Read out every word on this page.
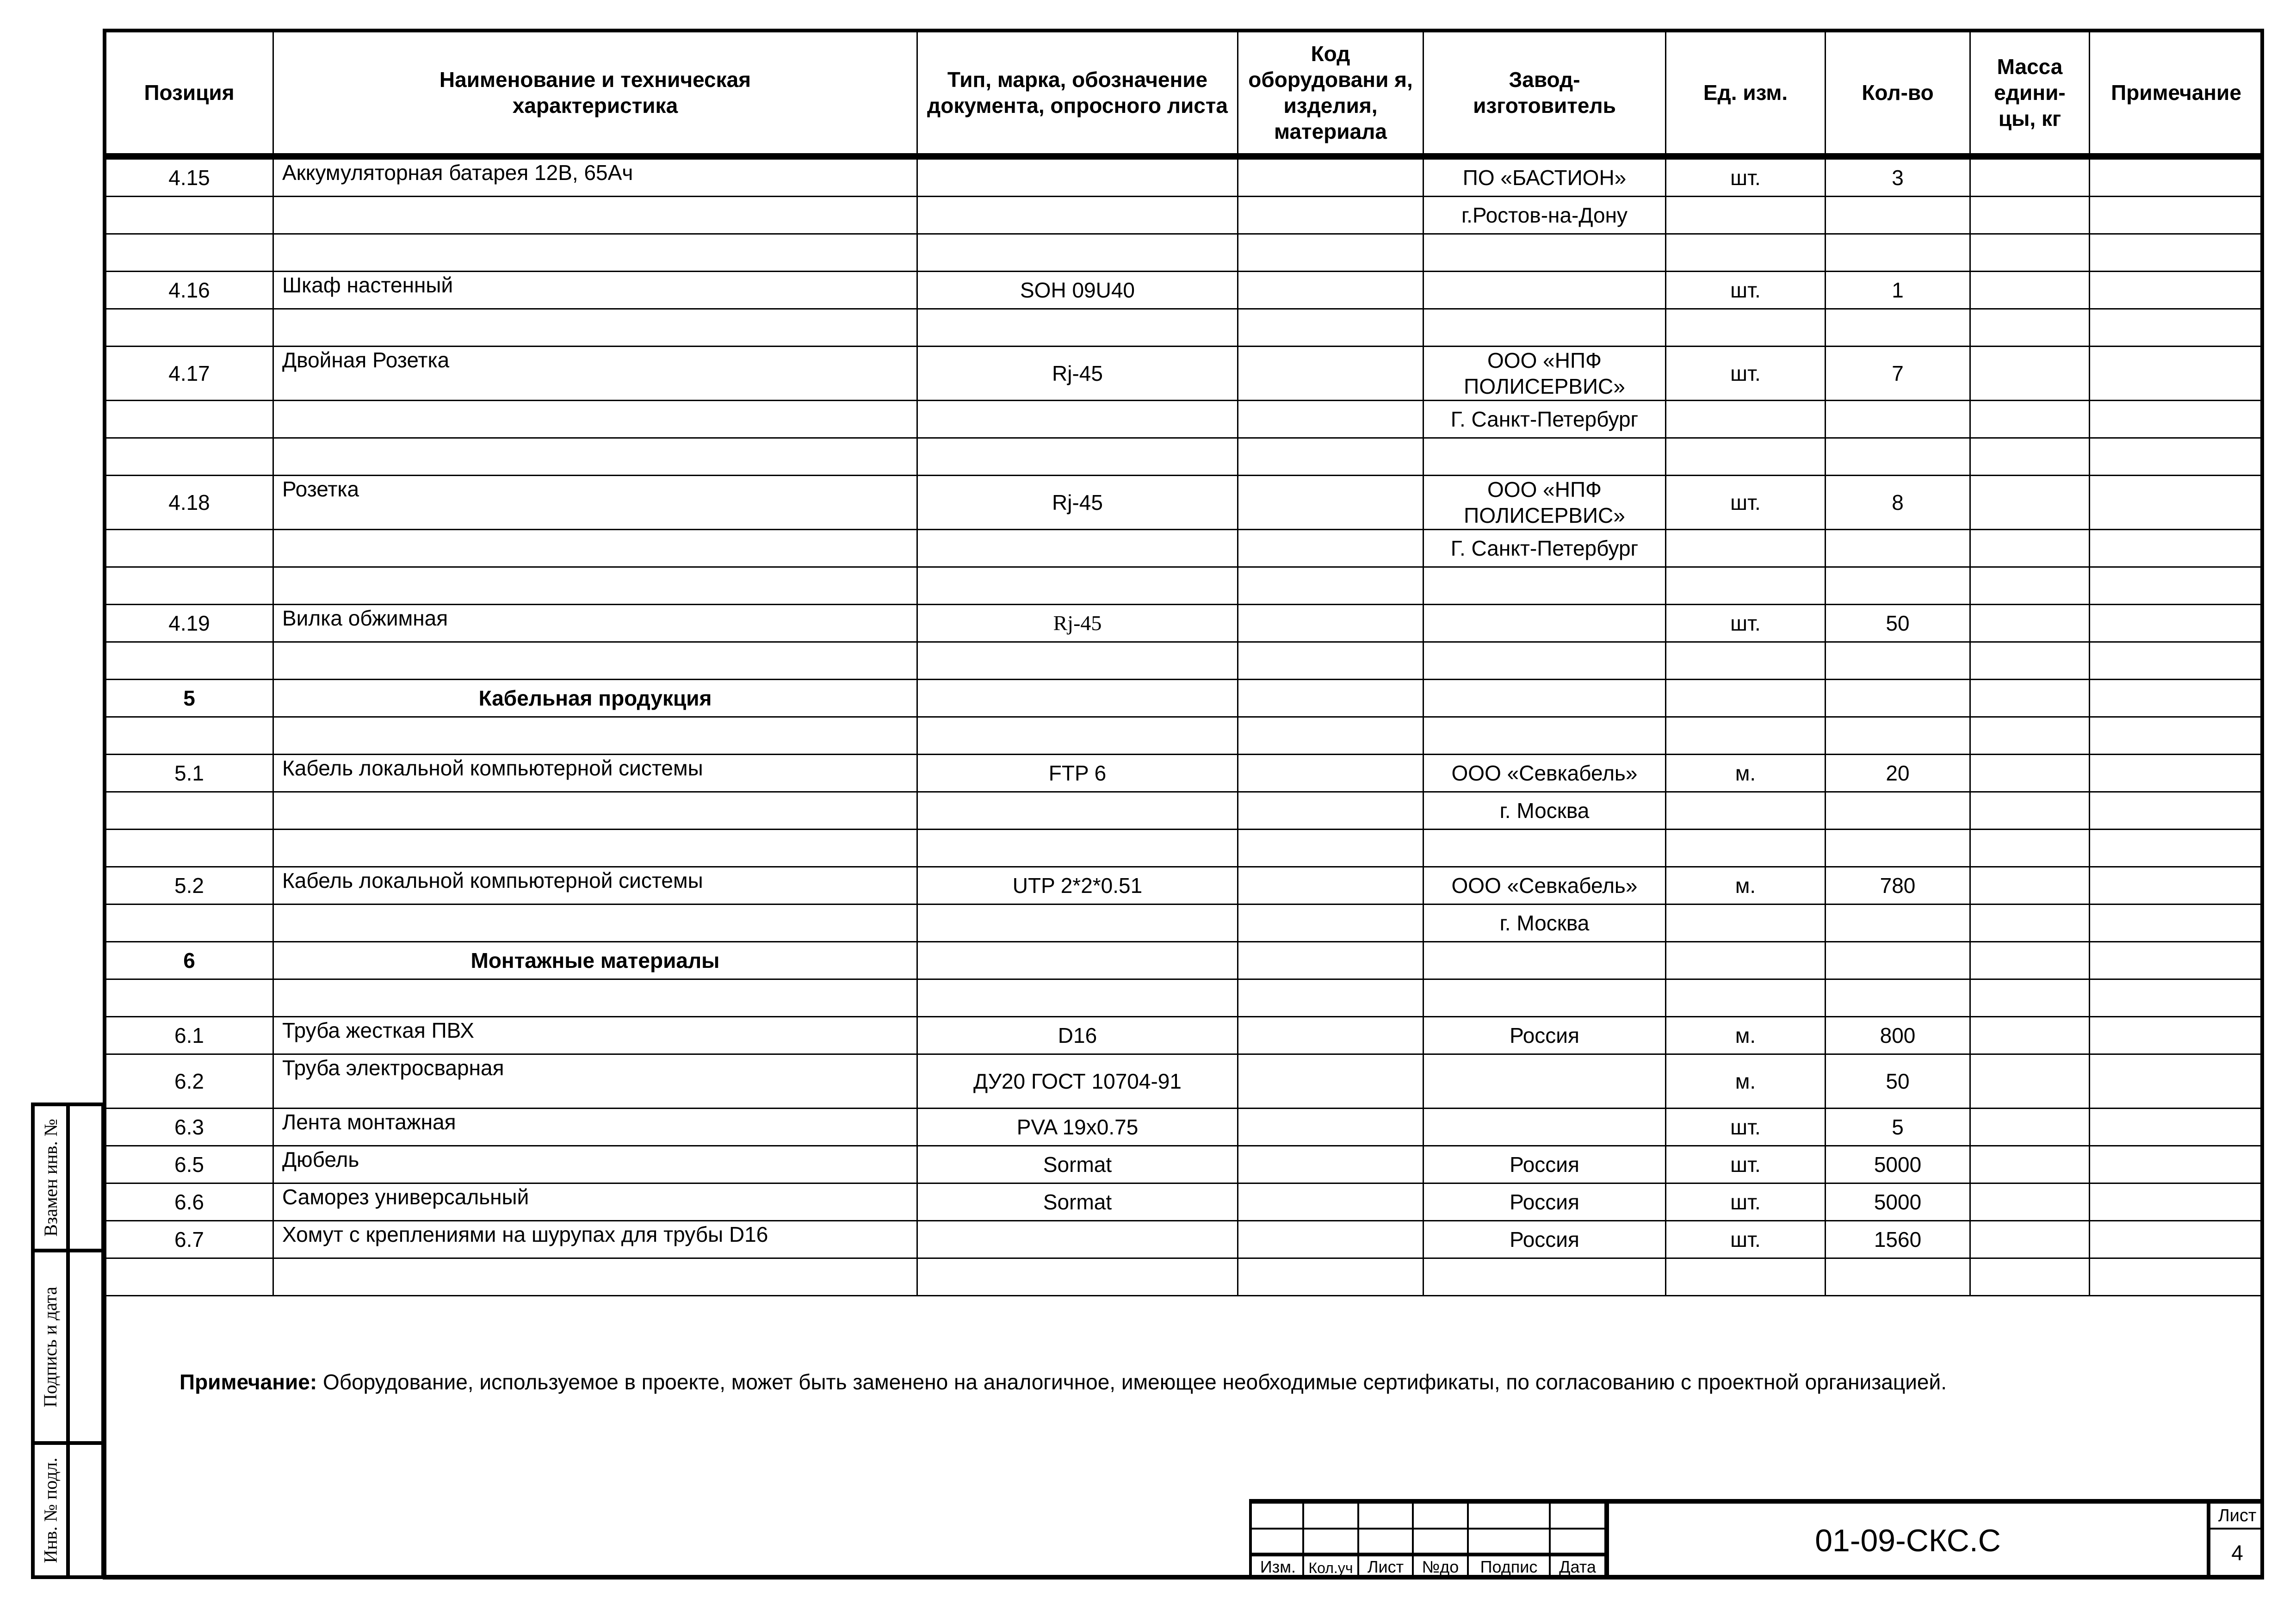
Позиция	Наименование и техническая характеристика	Тип, марка, обозначение документа, опросного листа	Код оборудовани я, изделия, материала	Завод-изготовитель	Ед. изм.	Кол-во	Масса едини-цы, кг	Примечание
4.15	Аккумуляторная батарея 12В, 65Ач			ПО «БАСТИОН»	шт.	3		
				г.Ростов-на-Дону				

4.16	Шкаф настенный	SOH 09U40			шт.	1		

4.17	Двойная Розетка	Rj-45		ООО «НПФ ПОЛИСЕРВИС»	шт.	7		
				Г. Санкт-Петербург				

4.18	Розетка	Rj-45		ООО «НПФ ПОЛИСЕРВИС»	шт.	8		
				Г. Санкт-Петербург				

4.19	Вилка обжимная	Rj-45			шт.	50		

5	Кабельная продукция							

5.1	Кабель локальной компьютерной системы	FTP 6		ООО «Севкабель»	м.	20		
				г. Москва				

5.2	Кабель локальной компьютерной системы	UTP 2*2*0.51		ООО «Севкабель»	м.	780		
				г. Москва				
6	Монтажные материалы							

6.1	Труба жесткая ПВХ	D16		Россия	м.	800		
6.2	Труба электросварная	ДУ20 ГОСТ 10704-91			м.	50		
6.3	Лента монтажная	PVA 19x0.75			шт.	5		
6.5	Дюбель	Sormat		Россия	шт.	5000		
6.6	Саморез универсальный	Sormat		Россия	шт.	5000		
6.7	Хомут с креплениями на шурупах для трубы D16			Россия	шт.	1560		

Примечание: Оборудование, используемое в проекте, может быть заменено на аналогичное, имеющее необходимые сертификаты, по согласованию с проектной организацией.
Изм. Кол.уч Лист	№до	Подпис	Дата
01-09-СКС.С
Лист
4
Взамен инв. №
Подпись и дата
Инв. № подл.
